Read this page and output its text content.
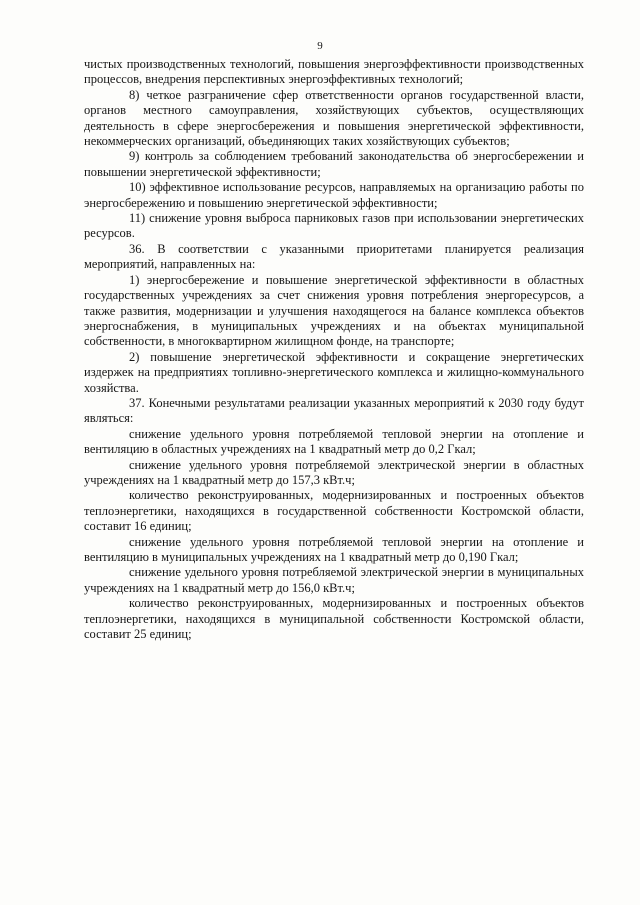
9

чистых производственных технологий, повышения энергоэффективности производственных процессов, внедрения перспективных энергоэффективных технологий;

8) четкое разграничение сфер ответственности органов государственной власти, органов местного самоуправления, хозяйствующих субъектов, осуществляющих деятельность в сфере энергосбережения и повышения энергетической эффективности, некоммерческих организаций, объединяющих таких хозяйствующих субъектов;

9) контроль за соблюдением требований законодательства об энергосбережении и повышении энергетической эффективности;

10) эффективное использование ресурсов, направляемых на организацию работы по энергосбережению и повышению энергетической эффективности;

11) снижение уровня выброса парниковых газов при использовании энергетических ресурсов.

36. В соответствии с указанными приоритетами планируется реализация мероприятий, направленных на:

1) энергосбережение и повышение энергетической эффективности в областных государственных учреждениях за счет снижения уровня потребления энергоресурсов, а также развития, модернизации и улучшения находящегося на балансе комплекса объектов энергоснабжения, в муниципальных учреждениях и на объектах муниципальной собственности, в многоквартирном жилищном фонде, на транспорте;

2) повышение энергетической эффективности и сокращение энергетических издержек на предприятиях топливно-энергетического комплекса и жилищно-коммунального хозяйства.

37. Конечными результатами реализации указанных мероприятий к 2030 году будут являться:

снижение удельного уровня потребляемой тепловой энергии на отопление и вентиляцию в областных учреждениях на 1 квадратный метр до 0,2 Гкал;

снижение удельного уровня потребляемой электрической энергии в областных учреждениях на 1 квадратный метр до 157,3 кВт.ч;

количество реконструированных, модернизированных и построенных объектов теплоэнергетики, находящихся в государственной собственности Костромской области, составит 16 единиц;

снижение удельного уровня потребляемой тепловой энергии на отопление и вентиляцию в муниципальных учреждениях на 1 квадратный метр до 0,190 Гкал;

снижение удельного уровня потребляемой электрической энергии в муниципальных учреждениях на 1 квадратный метр до 156,0 кВт.ч;

количество реконструированных, модернизированных и построенных объектов теплоэнергетики, находящихся в муниципальной собственности Костромской области, составит 25 единиц;
